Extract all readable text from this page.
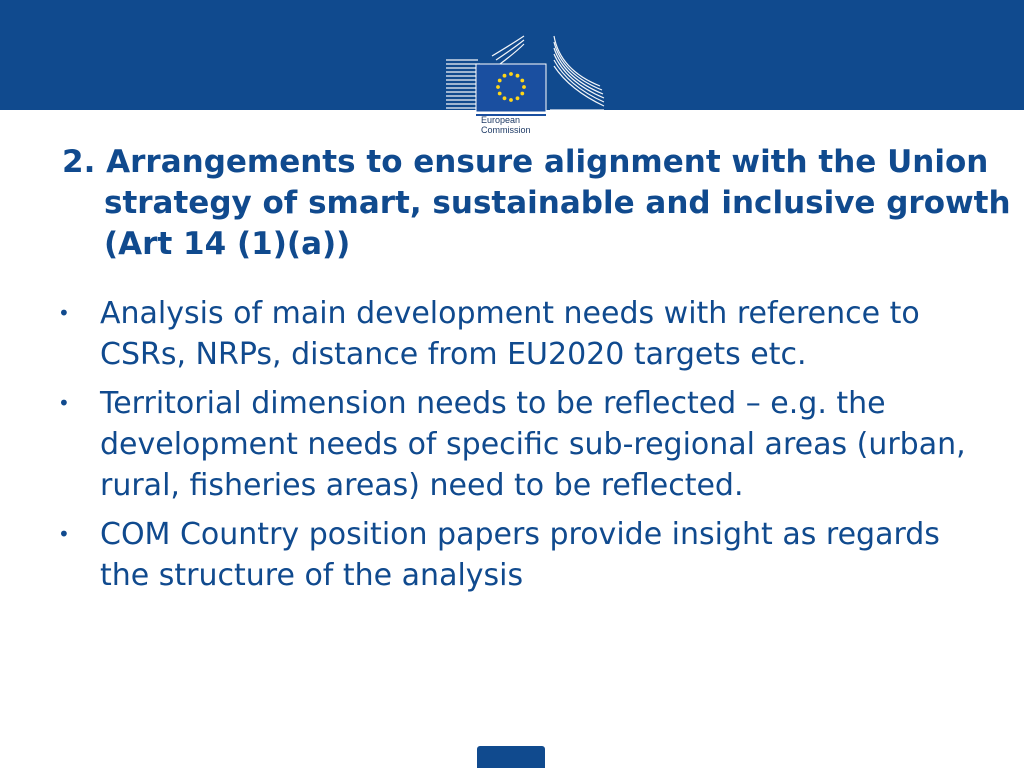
European
Commission
2. Arrangements to ensure alignment with the Union strategy of smart, sustainable and inclusive growth (Art 14 (1)(a))
• Analysis of main development needs with reference to CSRs, NRPs, distance from EU2020 targets etc.
• Territorial dimension needs to be reflected – e.g. the development needs of specific sub-regional areas (urban, rural, fisheries areas) need to be reflected.
• COM Country position papers provide insight as regards the structure of the analysis
